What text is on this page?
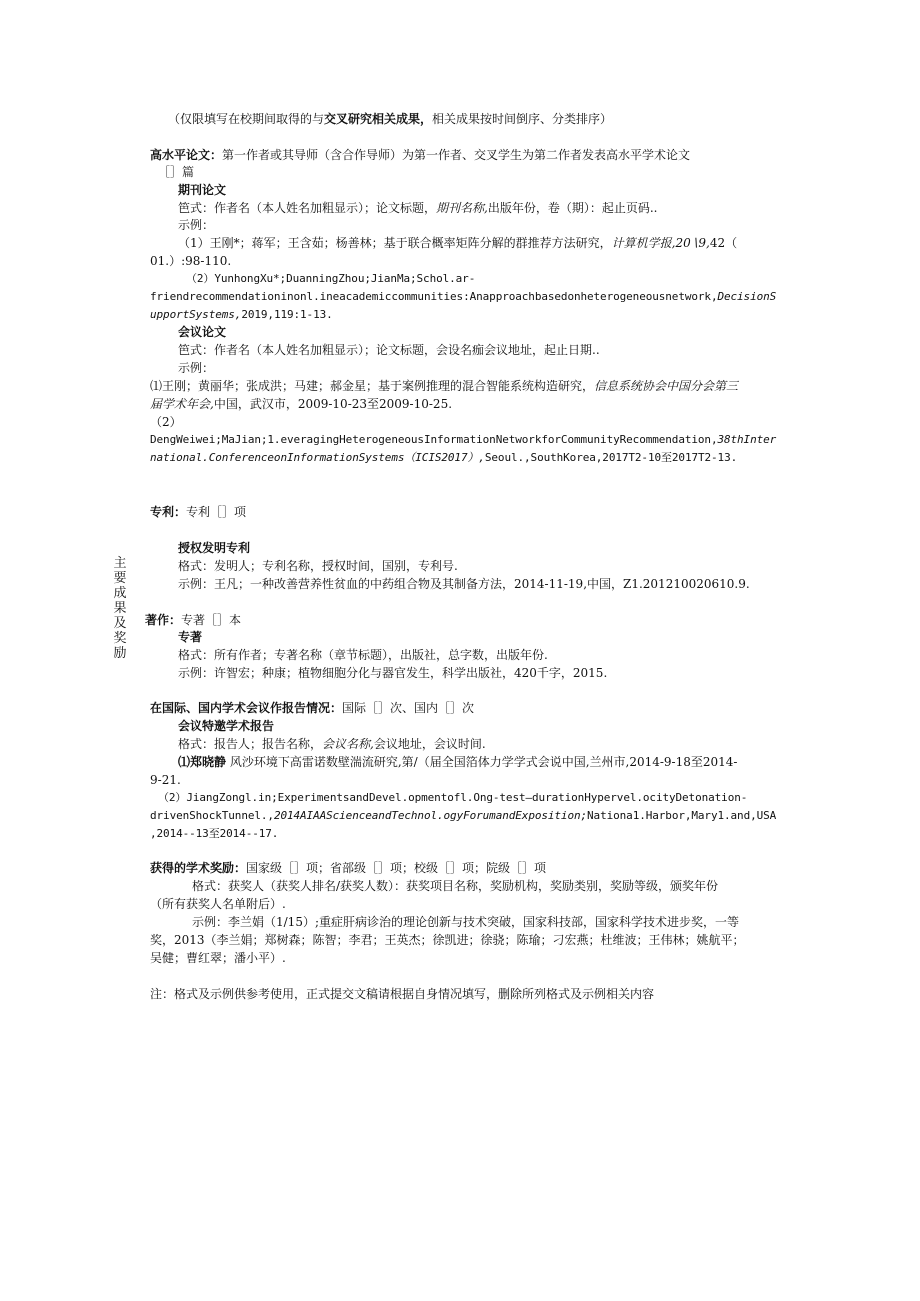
主要成果及奖励
（仅限填写在校期间取得的与交叉研究相关成果，相关成果按时间倒序、分类排序）
高水平论文：第一作者或其导师（含合作导师）为第一作者、交叉学生为第二作者发表高水平学术论文
［］篇
期刊论文
笆式：作者名（本人姓名加粗显示）；论文标题，期刊名称,出版年份，卷（期）：起止页码..
示例：
（1）王刚*；蒋军；王含茹；杨善林；基于联合概率矩阵分解的群推荐方法研究，计算机学报,20∖9,42（
01.）:98-110.
（2）YunhongXu*;DuanningZhou;JianMa;Schol.ar-
friendrecommendationinonl.ineacademiccommunities:Anapproachbasedonheterogeneousnetwork,DecisionS
upportSystems,2019,119:1-13.
会议论文
笆式：作者名（本人姓名加粗显示）；论文标题，会设名痂会议地址，起止日期..
示例：
⑴王刚；黄丽华；张成洪；马建；郝金星；基于案例推理的混合智能系统构造研究，信息系统协会中国分会第三
届学术年会,中国，武汉市，2009-10-23至2009-10-25.
（2）
DengWeiwei;MaJian;1.everagingHeterogeneousInformationNetworkforCommunityRecommendation,38thInter
national.ConferenceonInformationSystems（ICIS2017）,Seoul.,SouthKorea,2017T2-10至2017T2-13.
专利：专利［］项
授权发明专利
格式：发明人；专利名称，授权时间，国别，专利号.
示例：王凡；一种改善营养性贫血的中药组合物及其制备方法，2014-11-19,中国，Z1.201210020610.9.
著作：专著［］本
专著
格式：所有作者；专著名称（章节标题），出版社，总字数，出版年份.
示例：许智宏；种康；植物细胞分化与器官发生，科学出版社，420千字，2015.
在国际、国内学术会议作报告情况：国际［］次、国内［］次
会议特邀学术报告
格式：报告人；报告名称，会议名称,会议地址，会议时间.
⑴郑晓静 风沙环境下高雷诺数壁湍流研究,第/（届全国箔体力学学式会说中国,兰州市,2014-9-18至2014-
9-21.
（2）JiangZongl.in;ExperimentsandDevel.opmentofl.Ong-test—durationHypervel.ocityDetonation-
drivenShockTunnel.,2014AIAAScienceandTechnol.ogyForumandExposition;Nationa1.Harbor,Mary1.and,USA
,2014--13至2014--17.
获得的学术奖励：国家级［］项；省部级［］项；校级［］项；院级［］项
格式：获奖人（获奖人排名/获奖人数）：获奖项目名称，奖励机构，奖励类别，奖励等级，颁奖年份
（所有获奖人名单附后）.
示例：李兰娟（1/15）;重症肝病诊治的理论创新与技术突破，国家科技部，国家科学技术进步奖，一等
奖，2013（李兰娟；郑树森；陈智；李君；王英杰；徐凯进；徐骁；陈瑜；刁宏燕；杜维波；王伟林；姚航平；
吴健；曹红翠；潘小平）.
注：格式及示例供参考使用，正式提交文稿请根据自身情况填写，删除所列格式及示例相关内容
